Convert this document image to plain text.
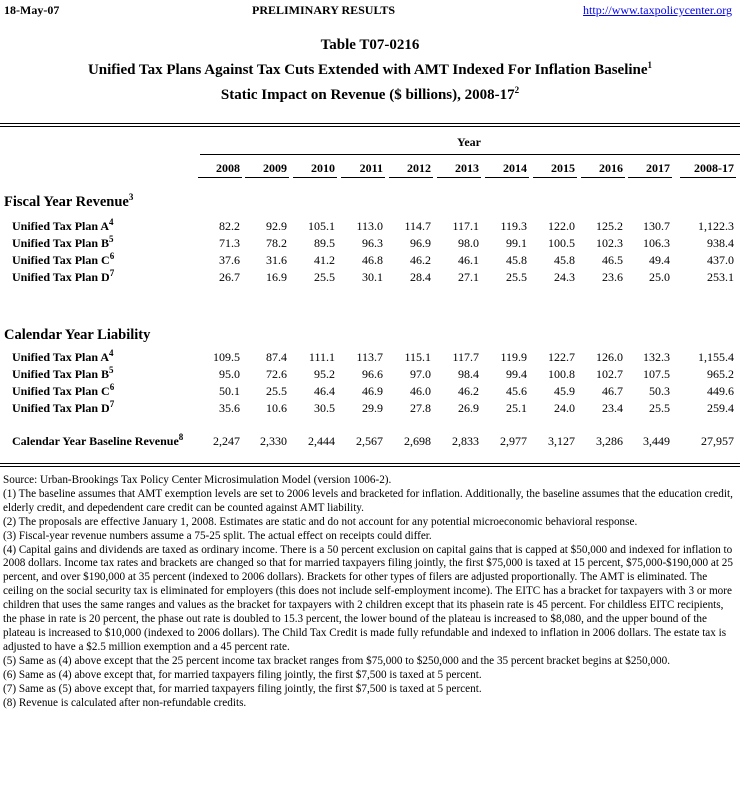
18-May-07	PRELIMINARY RESULTS	http://www.taxpolicycenter.org
Table T07-0216
Unified Tax Plans Against Tax Cuts Extended with AMT Indexed For Inflation Baseline$^1$
Static Impact on Revenue ($ billions), $2008-17^2$
Year
2008	2009	2010	2011	2012	2013	2014	2015	2016	2017	2008-17
Fiscal Year Revenue$^3$
Unified Tax Plan $A^4$	82.2	92.9	105.1	113.0	114.7	117.1	119.3	122.0	125.2	130.7	1,122.3
Unified Tax Plan $B^5$	71.3	78.2	89.5	96.3	96.9	98.0	99.1	100.5	102.3	106.3	938.4
Unified Tax Plan $C^6$	37.6	31.6	41.2	46.8	46.2	46.1	45.8	45.8	46.5	49.4	437.0
Unified Tax Plan $D^7$	26.7	16.9	25.5	30.1	28.4	27.1	25.5	24.3	23.6	25.0	253.1
Calendar Year Liability
Unified Tax Plan $A^4$	109.5	87.4	111.1	113.7	115.1	117.7	119.9	122.7	126.0	132.3	1,155.4
Unified Tax Plan $B^5$	95.0	72.6	95.2	96.6	97.0	98.4	99.4	100.8	102.7	107.5	965.2
Unified Tax Plan $C^6$	50.1	25.5	46.4	46.9	46.0	46.2	45.6	45.9	46.7	50.3	449.6
Unified Tax Plan $D^7$	35.6	10.6	30.5	29.9	27.8	26.9	25.1	24.0	23.4	25.5	259.4
Calendar Year Baseline Revenue$^8$	2,247	2,330	2,444	2,567	2,698	2,833	2,977	3,127	3,286	3,449	27,957

Source: Urban-Brookings Tax Policy Center Microsimulation Model (version 1006-2).

(1) The baseline assumes that AMT exemption levels are set to 2006 levels and bracketed for inflation. Additionally, the baseline assumes that the education credit, elderly credit, and depedendent care credit can be counted against AMT liability.

(2) The proposals are effective January 1, 2008. Estimates are static and do not account for any potential microeconomic behavioral response.

(3) Fiscal-year revenue numbers assume a 75-25 split. The actual effect on receipts could differ.

(4) Capital gains and dividends are taxed as ordinary income. There is a 50 percent exclusion on capital gains that is capped at $50,000 and indexed for inflation to 2008 dollars. Income tax rates and brackets are changed so that for married taxpayers filing jointly, the first $75,000 is taxed at 15 percent, $75,000-$190,000 at 25 percent, and over $190,000 at 35 percent (indexed to 2006 dollars). Brackets for other types of filers are adjusted proportionally. The AMT is eliminated. The ceiling on the social security tax is eliminated for employers (this does not include self-employment income). The EITC has a bracket for taxpayers with 3 or more children that uses the same ranges and values as the bracket for taxpayers with 2 children except that its phasein rate is 45 percent. For childless EITC recipients, the phase in rate is 20 percent, the phase out rate is doubled to 15.3 percent, the lower bound of the plateau is increased to $8,080, and the upper bound of the plateau is increased to $10,000 (indexed to 2006 dollars). The Child Tax Credit is made fully refundable and indexed to inflation in 2006 dollars. The estate tax is adjusted to have a $2.5 million exemption and a 45 percent rate.

(5) Same as (4) above except that the 25 percent income tax bracket ranges from $75,000 to $250,000 and the 35 percent bracket begins at $250,000.

(6) Same as (4) above except that, for married taxpayers filing jointly, the first $7,500 is taxed at 5 percent.

(7) Same as (5) above except that, for married taxpayers filing jointly, the first $7,500 is taxed at 5 percent.

(8) Revenue is calculated after non-refundable credits.
